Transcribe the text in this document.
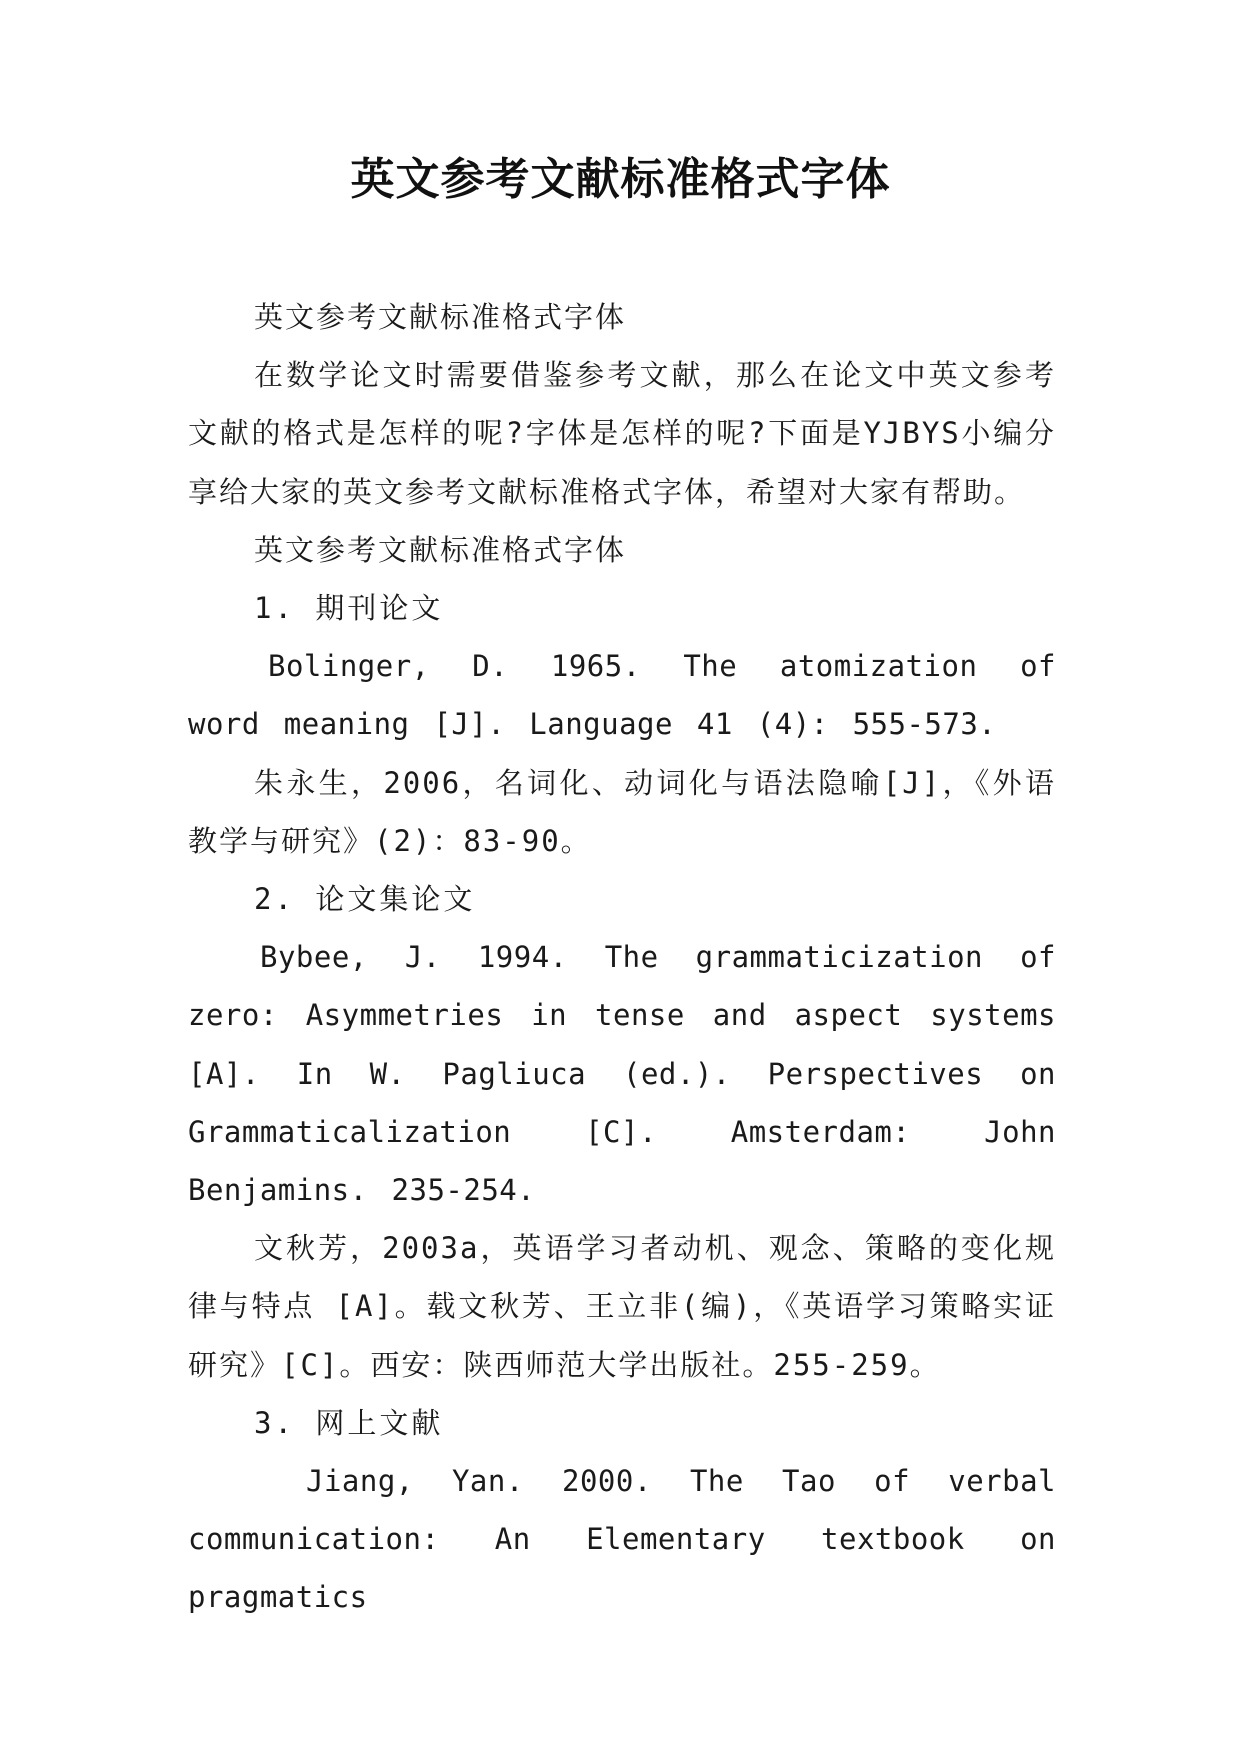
英文参考文献标准格式字体

英文参考文献标准格式字体

在数学论文时需要借鉴参考文献，那么在论文中英文参考文献的格式是怎样的呢?字体是怎样的呢?下面是YJBYS小编分享给大家的英文参考文献标准格式字体，希望对大家有帮助。

英文参考文献标准格式字体

1. 期刊论文

Bolinger, D. 1965. The atomization of word meaning [J]. Language 41 (4): 555-573.

朱永生，2006，名词化、动词化与语法隐喻[J]，《外语教学与研究》(2)：83-90。

2. 论文集论文

Bybee, J. 1994. The grammaticization of zero: Asymmetries in tense and aspect systems [A]. In W. Pagliuca (ed.). Perspectives on Grammaticalization [C]. Amsterdam: John Benjamins. 235-254.

文秋芳，2003a，英语学习者动机、观念、策略的变化规律与特点 [A]。载文秋芳、王立非(编)，《英语学习策略实证研究》[C]。西安：陕西师范大学出版社。255-259。

3. 网上文献

Jiang, Yan. 2000. The Tao of verbal communication: An Elementary textbook on pragmatics
